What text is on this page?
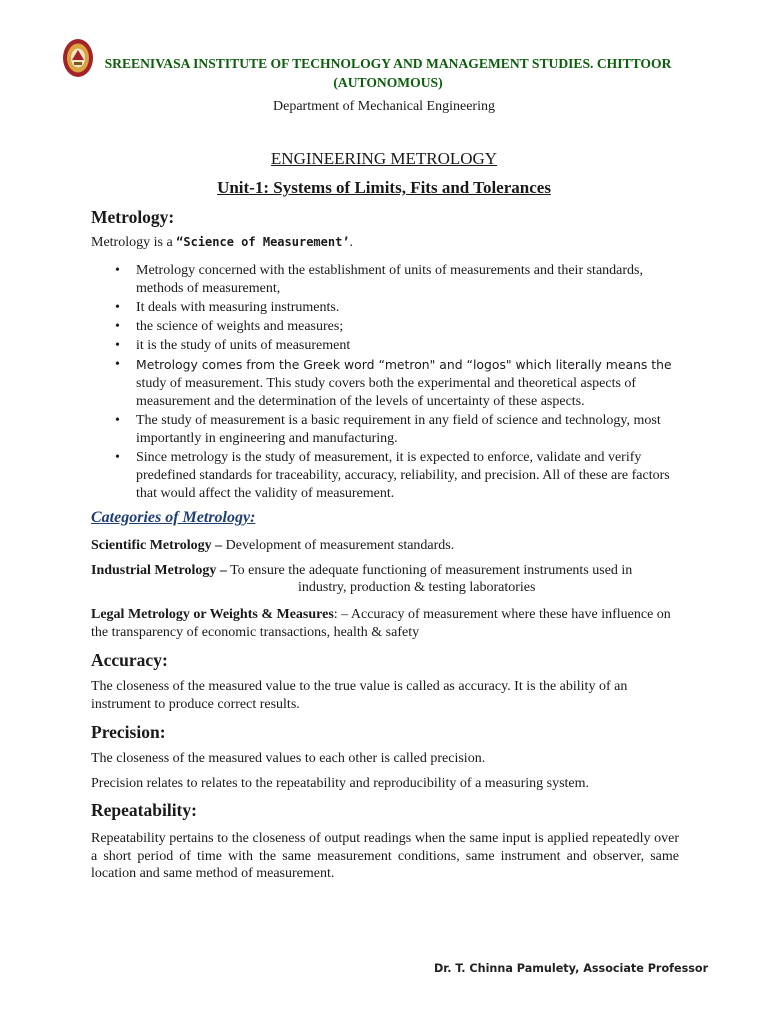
SREENIVASA INSTITUTE OF TECHNOLOGY AND MANAGEMENT STUDIES. CHITTOOR
(AUTONOMOUS)
Department of Mechanical Engineering
ENGINEERING METROLOGY
Unit-1: Systems of Limits, Fits and Tolerances
Metrology:
Metrology is a “Science of Measurement’.
• Metrology concerned with the establishment of units of measurements and their standards, methods of measurement,
• It deals with measuring instruments.
• the science of weights and measures;
• it is the study of units of measurement
• Metrology comes from the Greek word “metron" and “logos" which literally means the
study of measurement. This study covers both the experimental and theoretical aspects of measurement and the determination of the levels of uncertainty of these aspects.
• The study of measurement is a basic requirement in any field of science and technology, most importantly in engineering and manufacturing.
• Since metrology is the study of measurement, it is expected to enforce, validate and verify predefined standards for traceability, accuracy, reliability, and precision. All of these are factors that would affect the validity of measurement.
Categories of Metrology:
Scientific Metrology – Development of measurement standards.
Industrial Metrology – To ensure the adequate functioning of measurement instruments used in
industry, production & testing laboratories
Legal Metrology or Weights & Measures: – Accuracy of measurement where these have influence on the transparency of economic transactions, health & safety
Accuracy:
The closeness of the measured value to the true value is called as accuracy. It is the ability of an instrument to produce correct results.
Precision:
The closeness of the measured values to each other is called precision.
Precision relates to relates to the repeatability and reproducibility of a measuring system.
Repeatability:
Repeatability pertains to the closeness of output readings when the same input is applied repeatedly over a short period of time with the same measurement conditions, same instrument and observer, same location and same method of measurement.
Dr. T. Chinna Pamulety, Associate Professor
